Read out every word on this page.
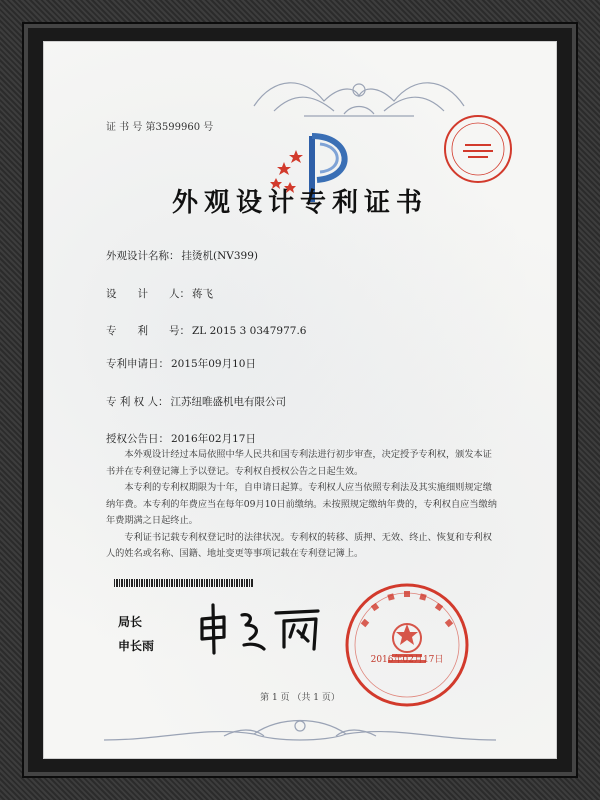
证 书 号 第3599960 号
外观设计专利证书
外观设计名称： 挂烫机(NV399)
设　　计　　人： 蒋飞
专　　利　　号： ZL 2015 3 0347977.6
专利申请日： 2015年09月10日
专 利 权 人： 江苏纽唯盛机电有限公司
授权公告日： 2016年02月17日

本外观设计经过本局依照中华人民共和国专利法进行初步审查，决定授予专利权，颁发本证书并在专利登记簿上予以登记。专利权自授权公告之日起生效。

本专利的专利权期限为十年，自申请日起算。专利权人应当依照专利法及其实施细则规定缴纳年费。本专利的年费应当在每年09月10日前缴纳。未按照规定缴纳年费的，专利权自应当缴纳年费期满之日起终止。

专利证书记载专利权登记时的法律状况。专利权的转移、质押、无效、终止、恢复和专利权人的姓名或名称、国籍、地址变更等事项记载在专利登记簿上。

局长
申长雨
2016年02月17日
第 1 页 （共 1 页）
